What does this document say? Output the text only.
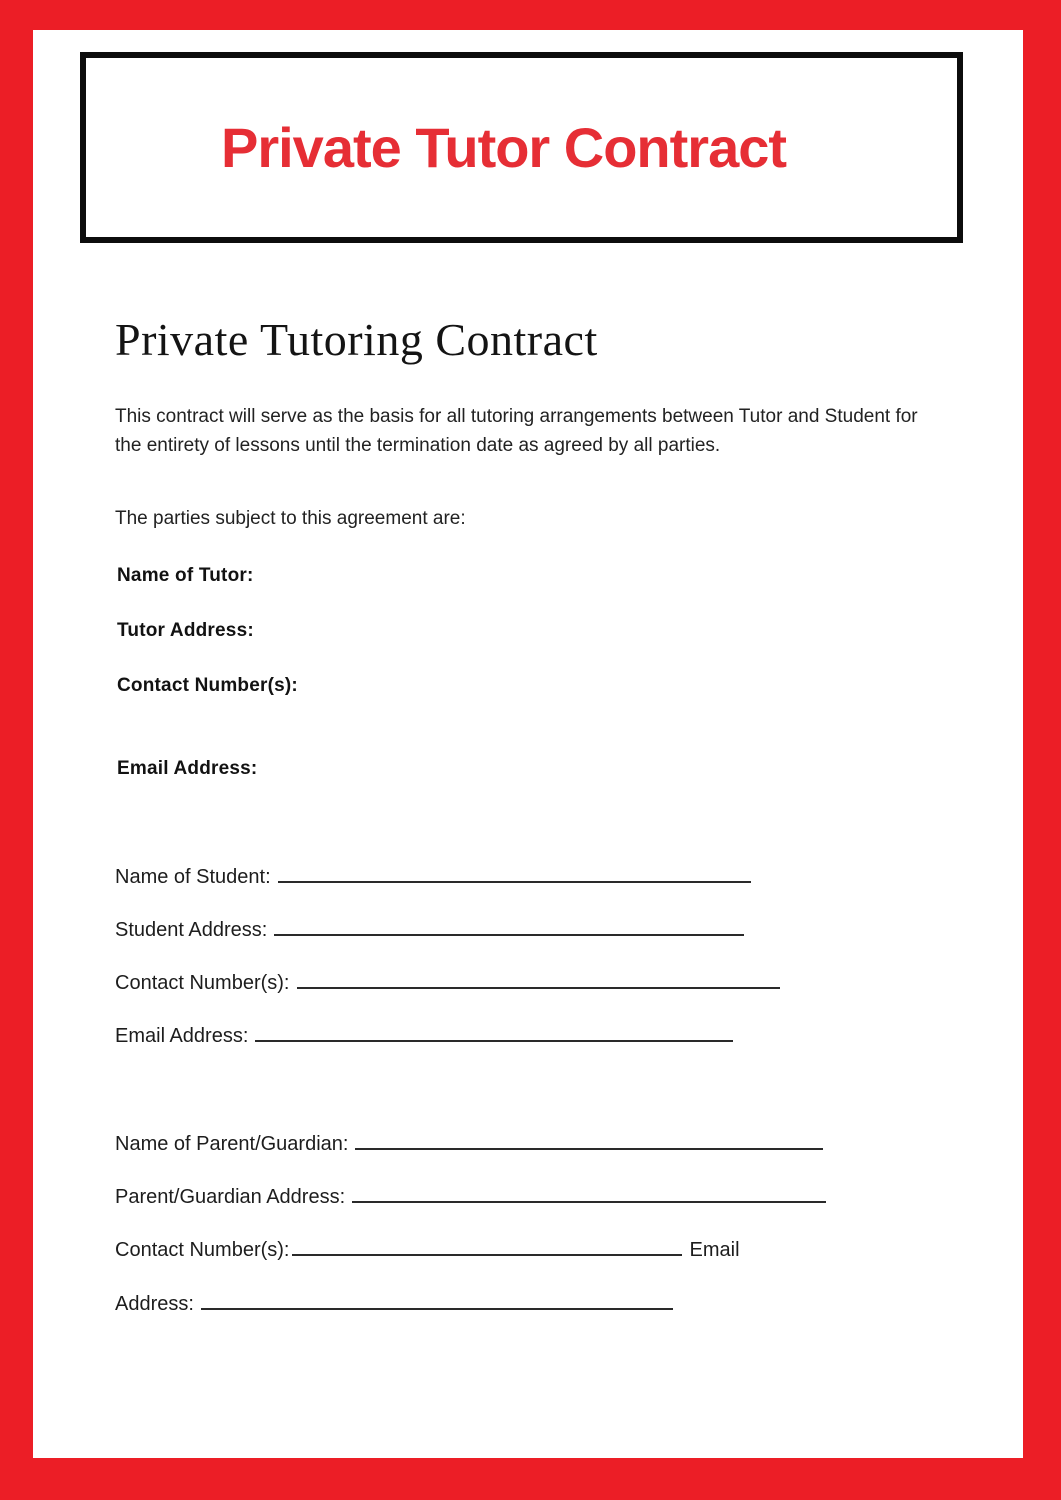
Private Tutor Contract
Private Tutoring Contract

This contract will serve as the basis for all tutoring arrangements between Tutor and Student for the entirety of lessons until the termination date as agreed by all parties.

The parties subject to this agreement are:

Name of Tutor:
Tutor Address:
Contact Number(s):
Email Address:
Name of Student:
Student Address:
Contact Number(s):
Email Address:
Name of Parent/Guardian:
Parent/Guardian Address:
Contact Number(s):	Email
Address:
